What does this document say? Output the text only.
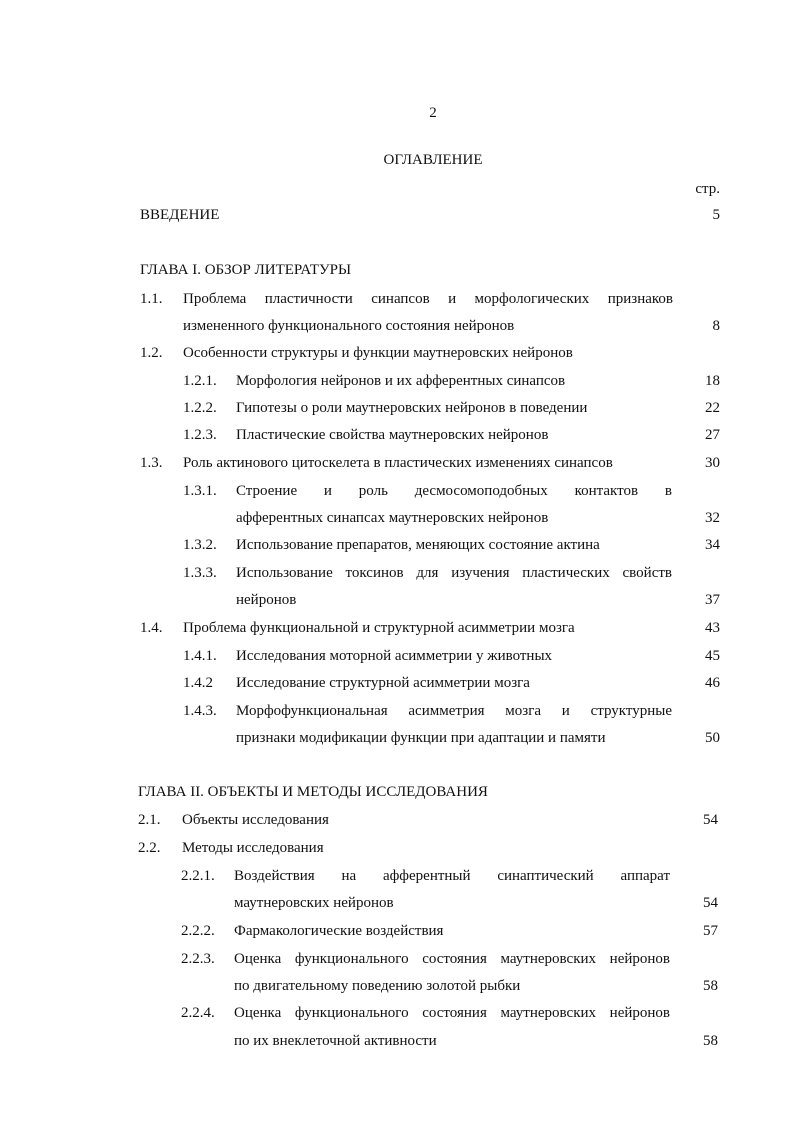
2
ОГЛАВЛЕНИЕ
стр.
ВВЕДЕНИЕ	5
ГЛАВА I. ОБЗОР ЛИТЕРАТУРЫ
1.1. Проблема пластичности синапсов и морфологических признаков
измененного функционального состояния нейронов	8
1.2. Особенности структуры и функции маутнеровских нейронов
1.2.1. Морфология нейронов и их афферентных синапсов	18
1.2.2. Гипотезы о роли маутнеровских нейронов в поведении	22
1.2.3. Пластические свойства маутнеровских нейронов	27
1.3. Роль актинового цитоскелета в пластических изменениях синапсов	30
1.3.1. Строение и роль десмосомоподобных контактов в
афферентных синапсах маутнеровских нейронов	32
1.3.2. Использование препаратов, меняющих состояние актина	34
1.3.3. Использование токсинов для изучения пластических свойств
нейронов	37
1.4. Проблема функциональной и структурной асимметрии мозга	43
1.4.1. Исследования моторной асимметрии у животных	45
1.4.2 Исследование структурной асимметрии мозга	46
1.4.3. Морфофункциональная асимметрия мозга и структурные
признаки модификации функции при адаптации и памяти	50
ГЛАВА II. ОБЪЕКТЫ И МЕТОДЫ ИССЛЕДОВАНИЯ
2.1. Объекты исследования	54
2.2. Методы исследования
2.2.1. Воздействия на афферентный синаптический аппарат
маутнеровских нейронов	54
2.2.2. Фармакологические воздействия	57
2.2.3. Оценка функционального состояния маутнеровских нейронов
по двигательному поведению золотой рыбки	58
2.2.4. Оценка функционального состояния маутнеровских нейронов
по их внеклеточной активности	58
